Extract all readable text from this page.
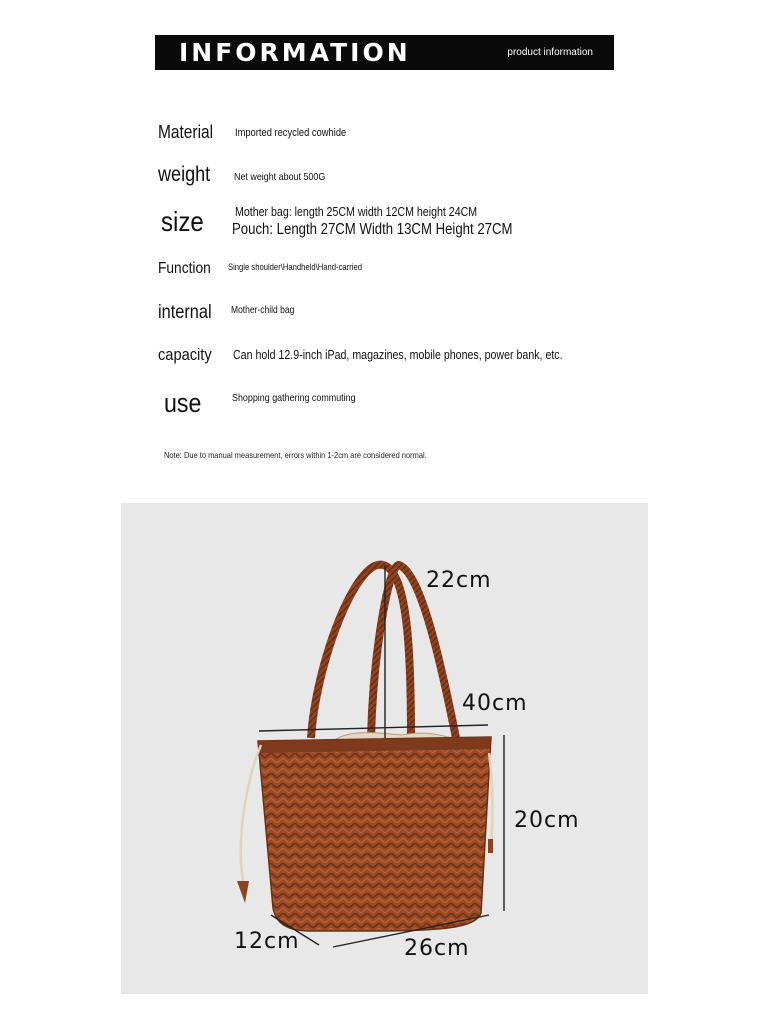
INFORMATION	product information
Material Imported recycled cowhide
weight Net weight about 500G
size Mother bag: length 25CM width 12CM height 24CM
Pouch: Length 27CM Width 13CM Height 27CM
Function Single shoulder\Handheld\Hand-carried
internal Mother-child bag
capacity Can hold 12.9-inch iPad, magazines, mobile phones, power bank, etc.
use	Shopping gathering commuting
Note: Due to manual measurement, errors within 1-2cm are considered normal.
22cm
40cm
20cm
12cm	26cm
